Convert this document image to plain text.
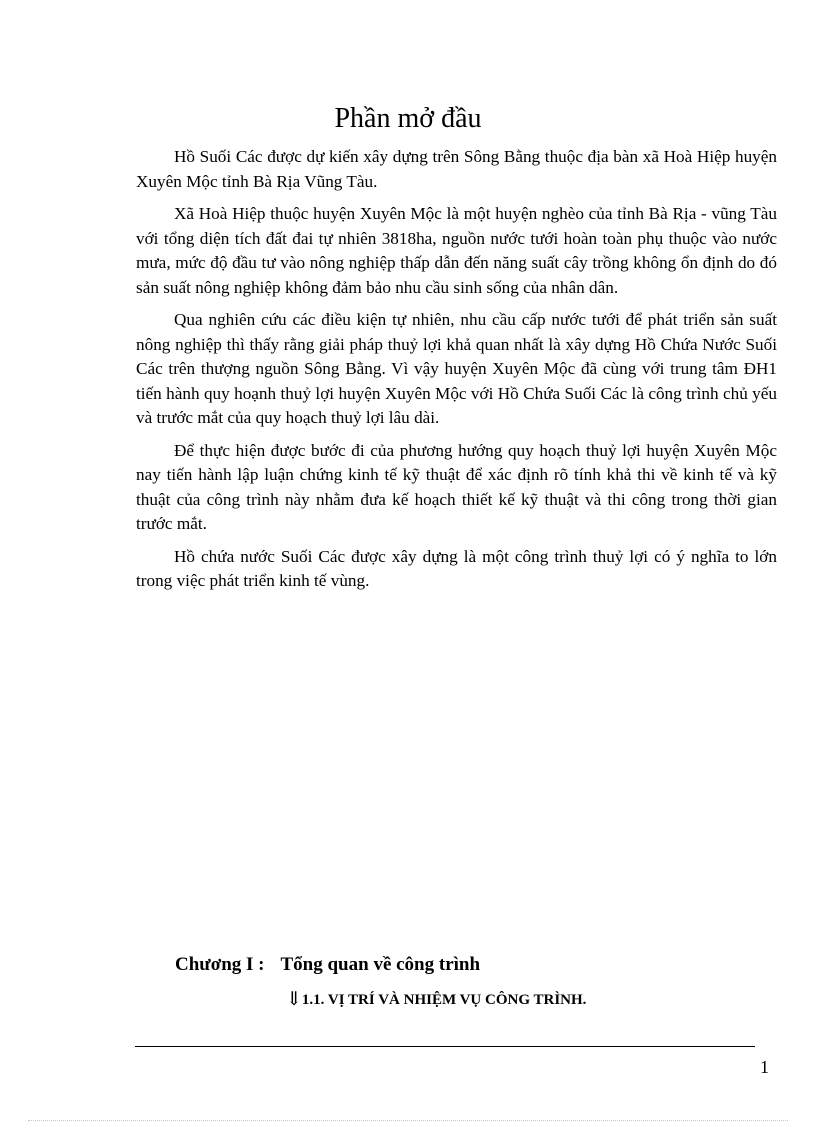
Phần mở đầu

Hồ Suối Các được dự kiến xây dựng trên Sông Bằng thuộc địa bàn xã Hoà Hiệp huyện Xuyên Mộc tỉnh Bà Rịa Vũng Tàu.

Xã Hoà Hiệp thuộc huyện Xuyên Mộc là một huyện nghèo của tỉnh Bà Rịa - vũng Tàu với tổng diện tích đất đai tự nhiên 3818ha, nguồn nước tưới hoàn toàn phụ thuộc vào nước mưa, mức độ đầu tư vào nông nghiệp thấp dẫn đến năng suất cây trồng không ổn định do đó sản suất nông nghiệp không đảm bảo nhu cầu sinh sống của nhân dân.

Qua nghiên cứu các điều kiện tự nhiên, nhu cầu cấp nước tưới để phát triển sản suất nông nghiệp thì thấy rằng giải pháp thuỷ lợi khả quan nhất là xây dựng Hồ Chứa Nước Suối Các trên thượng nguồn Sông Bằng. Vì vậy huyện Xuyên Mộc đã cùng với trung tâm ĐH1 tiến hành quy hoạnh thuỷ lợi huyện Xuyên Mộc với Hồ Chứa Suối Các là công trình chủ yếu và trước mắt của quy hoạch thuỷ lợi lâu dài.

Để thực hiện được bước đi của phương hướng quy hoạch thuỷ lợi huyện Xuyên Mộc nay tiến hành lập luận chứng kinh tế kỹ thuật để xác định rõ tính khả thi về kinh tế và kỹ thuật của công trình này nhằm đưa kế hoạch thiết kế kỹ thuật và thi công trong thời gian trước mắt.

Hồ chứa nước Suối Các được xây dựng là một công trình thuỷ lợi có ý nghĩa to lớn trong việc phát triển kinh tế vùng.

Chương I : Tổng quan về công trình
⇓1.1. VỊ TRÍ VÀ NHIỆM VỤ CÔNG TRÌNH.
1
